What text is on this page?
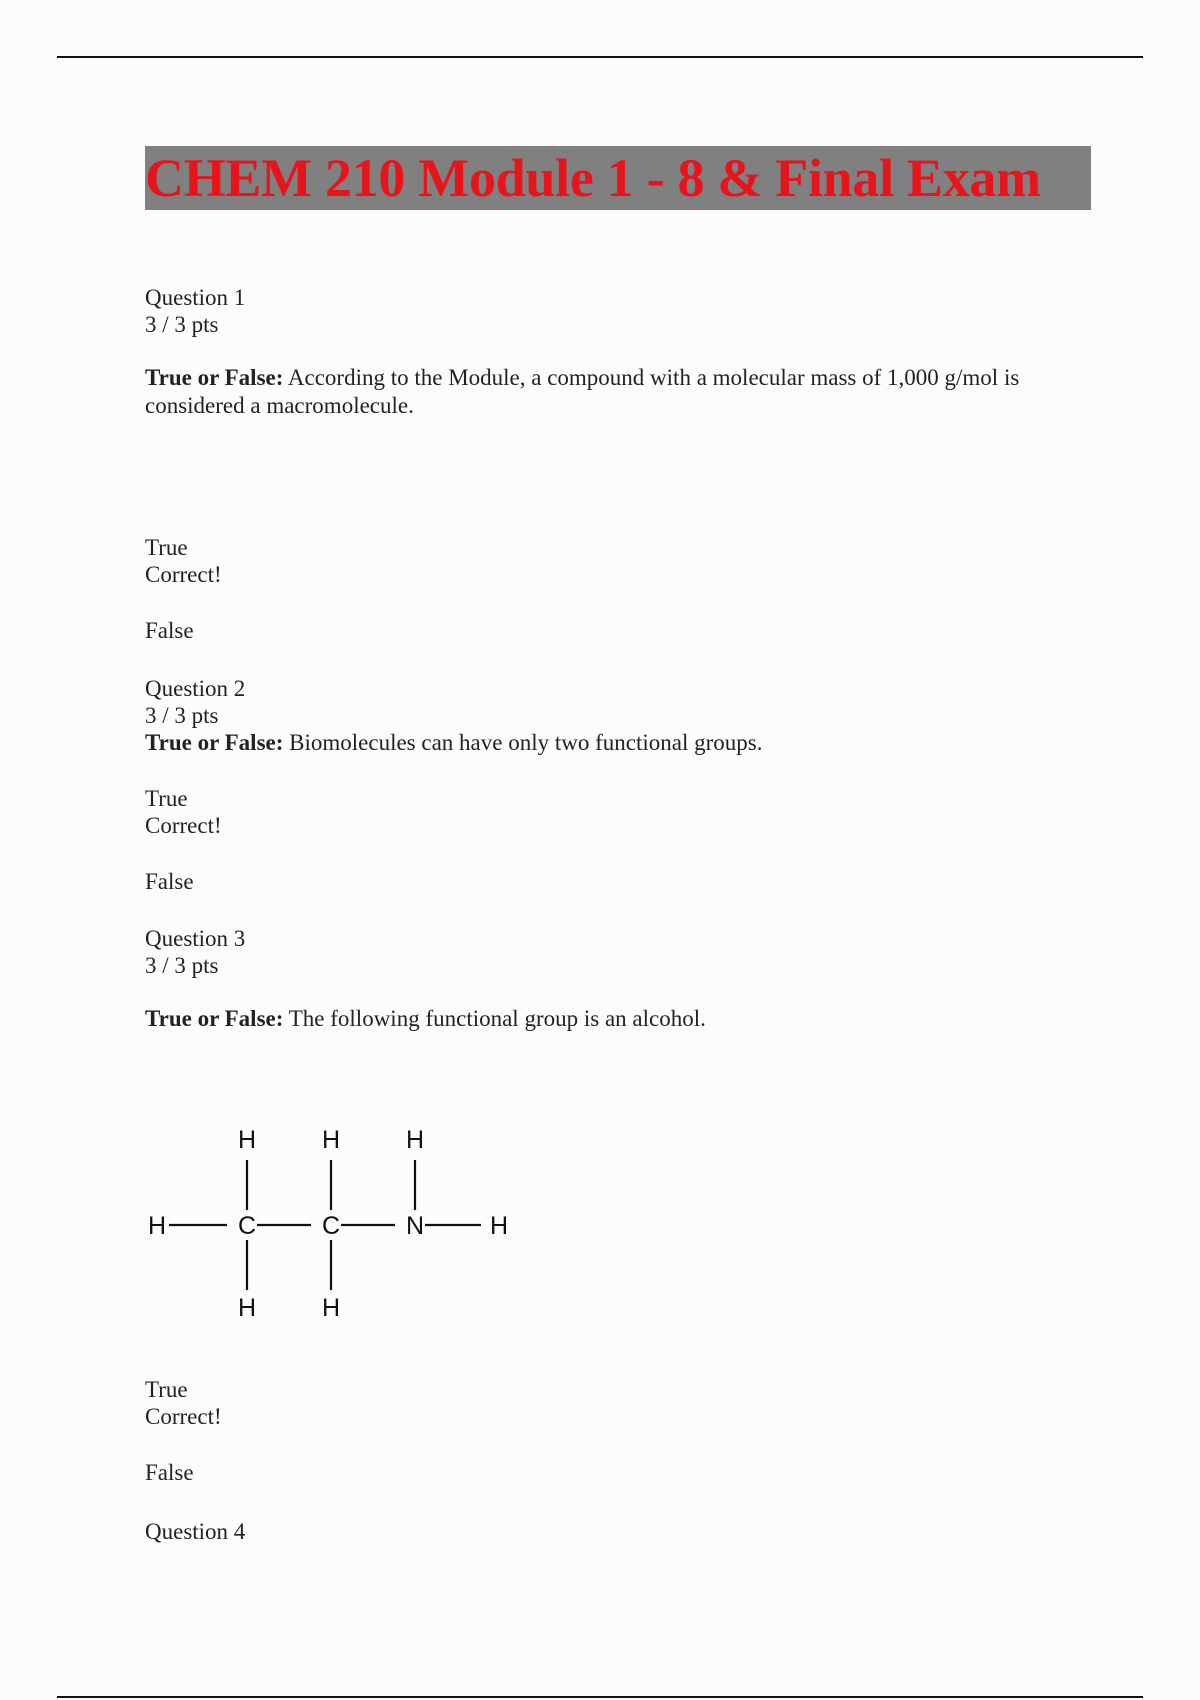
CHEM 210 Module 1 - 8 & Final Exam
Question 1
3 / 3 pts
True or False: According to the Module, a compound with a molecular mass of 1,000 g/mol is considered a macromolecule.
True
Correct!
False
Question 2
3 / 3 pts
True or False: Biomolecules can have only two functional groups.
True
Correct!
False
Question 3
3 / 3 pts
True or False: The following functional group is an alcohol.
True
Correct!
False
Question 4
H	C	C	N	H
H	H	H
H	H
